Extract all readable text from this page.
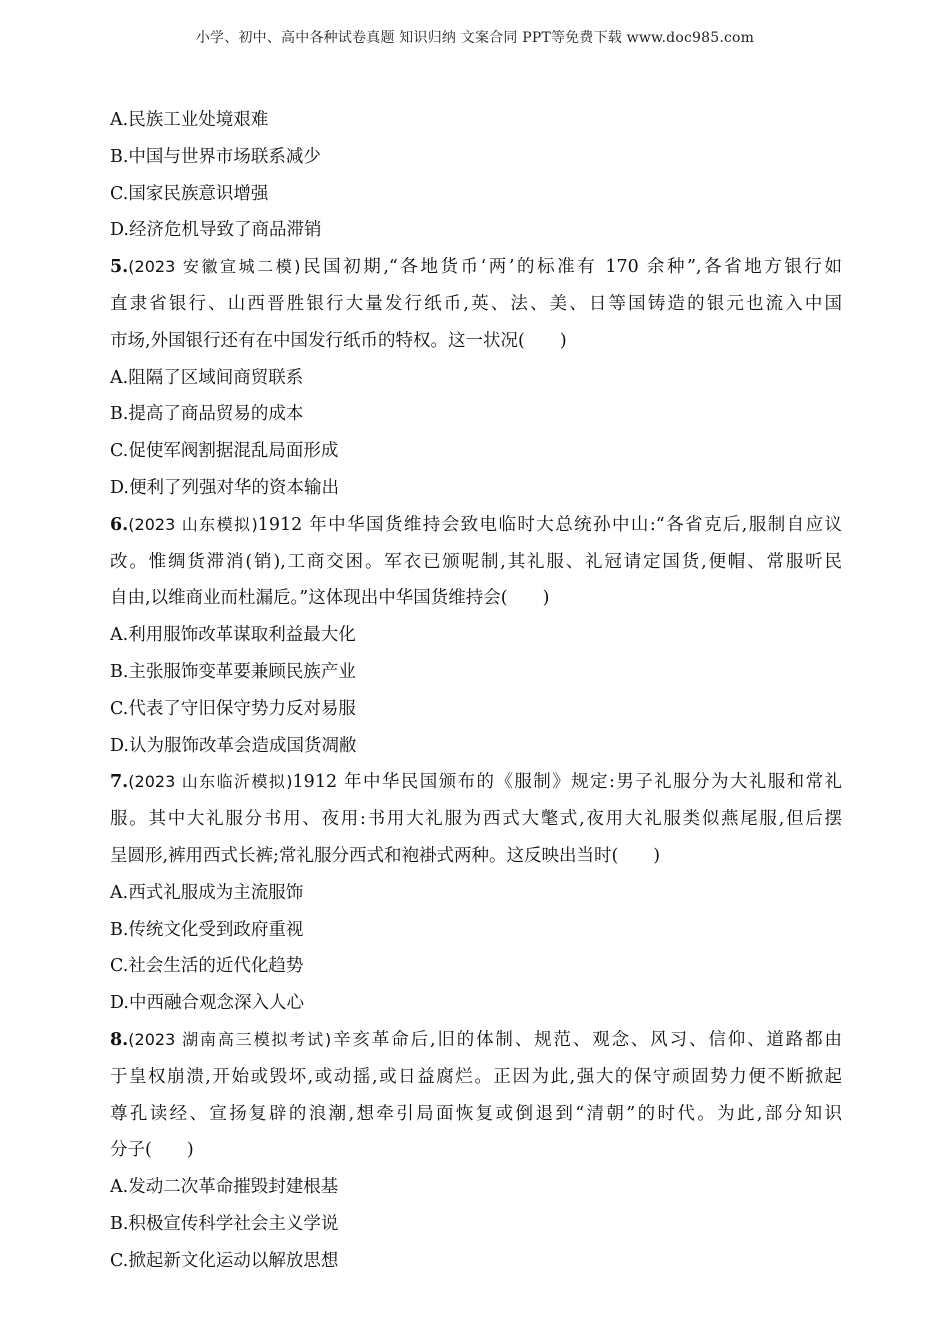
小学、初中、高中各种试卷真题 知识归纳 文案合同 PPT等免费下载 www.doc985.com
A.民族工业处境艰难
B.中国与世界市场联系减少
C.国家民族意识增强
D.经济危机导致了商品滞销
5.(2023 安徽宣城二模)民国初期,“各地货币‘两’的标准有 170 余种”,各省地方银行如
直隶省银行、山西晋胜银行大量发行纸币,英、法、美、日等国铸造的银元也流入中国
市场,外国银行还有在中国发行纸币的特权。这一状况(　　)
A.阻隔了区域间商贸联系
B.提高了商品贸易的成本
C.促使军阀割据混乱局面形成
D.便利了列强对华的资本输出
6.(2023 山东模拟)1912 年中华国货维持会致电临时大总统孙中山:“各省克后,服制自应议
改。惟绸货滞消(销),工商交困。军衣已颁呢制,其礼服、礼冠请定国货,便帽、常服听民
自由,以维商业而杜漏卮。”这体现出中华国货维持会(　　)
A.利用服饰改革谋取利益最大化
B.主张服饰变革要兼顾民族产业
C.代表了守旧保守势力反对易服
D.认为服饰改革会造成国货凋敝
7.(2023 山东临沂模拟)1912 年中华民国颁布的《服制》规定:男子礼服分为大礼服和常礼
服。其中大礼服分书用、夜用:书用大礼服为西式大氅式,夜用大礼服类似燕尾服,但后摆
呈圆形,裤用西式长裤;常礼服分西式和袍褂式两种。这反映出当时(　　)
A.西式礼服成为主流服饰
B.传统文化受到政府重视
C.社会生活的近代化趋势
D.中西融合观念深入人心
8.(2023 湖南高三模拟考试)辛亥革命后,旧的体制、规范、观念、风习、信仰、道路都由
于皇权崩溃,开始或毁坏,或动摇,或日益腐烂。正因为此,强大的保守顽固势力便不断掀起
尊孔读经、宣扬复辟的浪潮,想牵引局面恢复或倒退到“清朝”的时代。为此,部分知识
分子(　　)
A.发动二次革命摧毁封建根基
B.积极宣传科学社会主义学说
C.掀起新文化运动以解放思想
